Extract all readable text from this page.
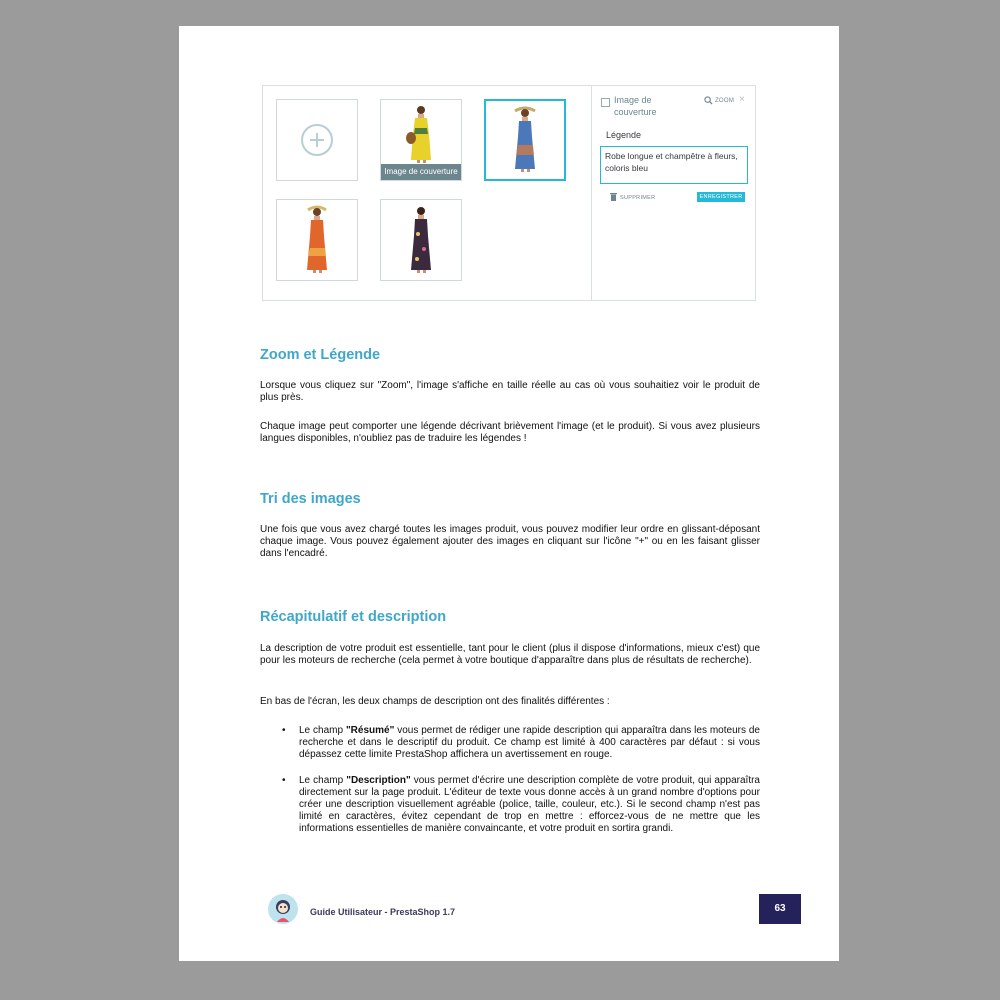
Image de couverture
Image de couverture
ZOOM ×
Légende
Robe longue et champêtre à fleurs, coloris bleu
SUPPRIMER	ENREGISTRER
Zoom et Légende

Lorsque vous cliquez sur "Zoom", l'image s'affiche en taille réelle au cas où vous souhaitiez voir le produit de plus près.

Chaque image peut comporter une légende décrivant brièvement l'image (et le produit). Si vous avez plusieurs langues disponibles, n'oubliez pas de traduire les légendes !

Tri des images

Une fois que vous avez chargé toutes les images produit, vous pouvez modifier leur ordre en glissant-déposant chaque image. Vous pouvez également ajouter des images en cliquant sur l'icône "+" ou en les faisant glisser dans l'encadré.

Récapitulatif et description

La description de votre produit est essentielle, tant pour le client (plus il dispose d'informations, mieux c'est) que pour les moteurs de recherche (cela permet à votre boutique d'apparaître dans plus de résultats de recherche).

En bas de l'écran, les deux champs de description ont des finalités différentes :

• Le champ "Résumé" vous permet de rédiger une rapide description qui apparaîtra dans les moteurs de recherche et dans le descriptif du produit. Ce champ est limité à 400 caractères par défaut : si vous dépassez cette limite PrestaShop affichera un avertissement en rouge.
• Le champ "Description" vous permet d'écrire une description complète de votre produit, qui apparaîtra directement sur la page produit. L'éditeur de texte vous donne accès à un grand nombre d'options pour créer une description visuellement agréable (police, taille, couleur, etc.). Si le second champ n'est pas limité en caractères, évitez cependant de trop en mettre : efforcez-vous de ne mettre que les informations essentielles de manière convaincante, et votre produit en sortira grandi.
Guide Utilisateur - PrestaShop 1.7	63
